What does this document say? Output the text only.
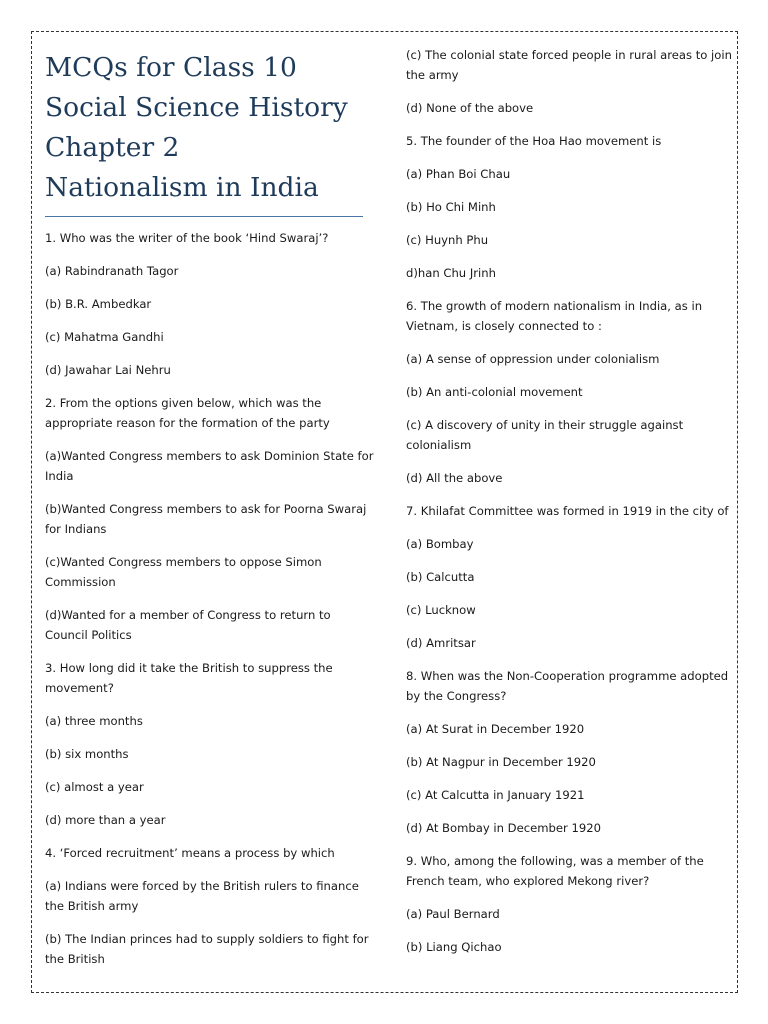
MCQs for Class 10
Social Science History
Chapter 2
Nationalism in India
1. Who was the writer of the book ‘Hind Swaraj’?
(a) Rabindranath Tagor
(b) B.R. Ambedkar
(c) Mahatma Gandhi
(d) Jawahar Lai Nehru
2. From the options given below, which was the
appropriate reason for the formation of the party
(a)Wanted Congress members to ask Dominion State for
India
(b)Wanted Congress members to ask for Poorna Swaraj
for Indians
(c)Wanted Congress members to oppose Simon
Commission
(d)Wanted for a member of Congress to return to
Council Politics
3. How long did it take the British to suppress the
movement?
(a) three months
(b) six months
(c) almost a year
(d) more than a year
4. ‘Forced recruitment’ means a process by which
(a) Indians were forced by the British rulers to finance
the British army
(b) The Indian princes had to supply soldiers to fight for
the British
(c) The colonial state forced people in rural areas to join
the army
(d) None of the above
5. The founder of the Hoa Hao movement is
(a) Phan Boi Chau
(b) Ho Chi Minh
(c) Huynh Phu
d)han Chu Jrinh
6. The growth of modern nationalism in India, as in
Vietnam, is closely connected to :
(a) A sense of oppression under colonialism
(b) An anti-colonial movement
(c) A discovery of unity in their struggle against
colonialism
(d) All the above
7. Khilafat Committee was formed in 1919 in the city of
(a) Bombay
(b) Calcutta
(c) Lucknow
(d) Amritsar
8. When was the Non-Cooperation programme adopted
by the Congress?
(a) At Surat in December 1920
(b) At Nagpur in December 1920
(c) At Calcutta in January 1921
(d) At Bombay in December 1920
9. Who, among the following, was a member of the
French team, who explored Mekong river?
(a) Paul Bernard
(b) Liang Qichao
